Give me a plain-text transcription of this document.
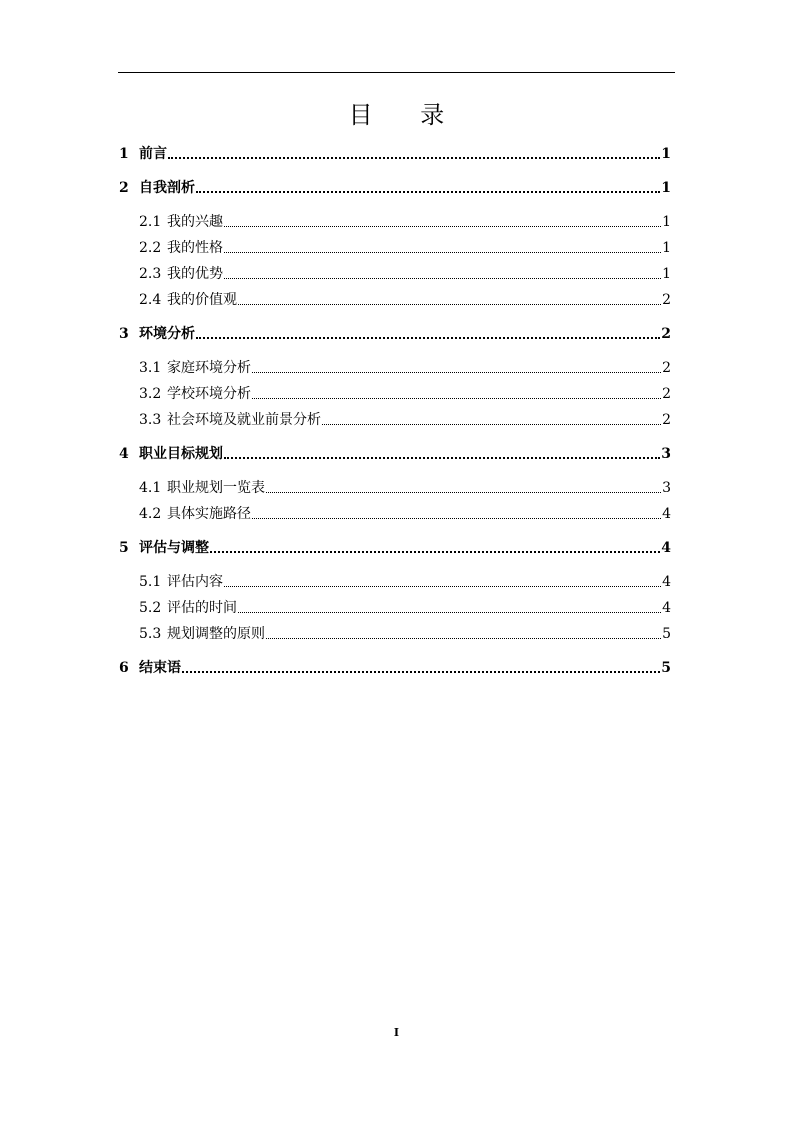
目 录
1 前言	1
2 自我剖析	1
2.1 我的兴趣	1
2.2 我的性格	1
2.3 我的优势	1
2.4 我的价值观	2
3 环境分析	2
3.1 家庭环境分析	2
3.2 学校环境分析	2
3.3 社会环境及就业前景分析	2
4 职业目标规划	3
4.1 职业规划一览表	3
4.2 具体实施路径	4
5 评估与调整	4
5.1 评估内容	4
5.2 评估的时间	4
5.3 规划调整的原则	5
6 结束语	5
I
